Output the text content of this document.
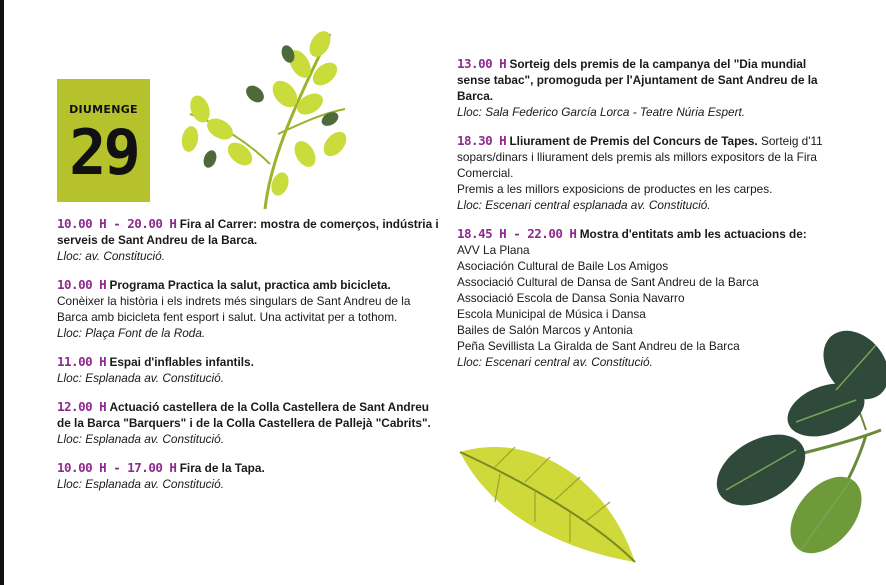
DIUMENGE
29
10.00 H - 20.00 H Fira al Carrer: mostra de comerços, indústria i serveis de Sant Andreu de la Barca.
Lloc: av. Constitució.
10.00 H Programa Practica la salut, practica amb bicicleta.
Conèixer la història i els indrets més singulars de Sant Andreu de la Barca amb bicicleta fent esport i salut. Una activitat per a tothom.
Lloc: Plaça Font de la Roda.
11.00 H Espai d'inflables infantils.
Lloc: Esplanada av. Constitució.
12.00 H Actuació castellera de la Colla Castellera de Sant Andreu de la Barca "Barquers" i de la Colla Castellera de Pallejà "Cabrits".
Lloc: Esplanada av. Constitució.
10.00 H - 17.00 H Fira de la Tapa.
Lloc: Esplanada av. Constitució.
13.00 H Sorteig dels premis de la campanya del "Dia mundial sense tabac", promoguda per l'Ajuntament de Sant Andreu de la Barca.
Lloc: Sala Federico García Lorca - Teatre Núria Espert.
18.30 H Lliurament de Premis del Concurs de Tapes. Sorteig d'11 sopars/dinars i lliurament dels premis als millors expositors de la Fira Comercial.
Premis a les millors exposicions de productes en les carpes.
Lloc: Escenari central esplanada av. Constitució.
18.45 H - 22.00 H Mostra d'entitats amb les actuacions de:
AVV La Plana
Asociación Cultural de Baile Los Amigos
Associació Cultural de Dansa de Sant Andreu de la Barca
Associació Escola de Dansa Sonia Navarro
Escola Municipal de Música i Dansa
Bailes de Salón Marcos y Antonia
Peña Sevillista La Giralda de Sant Andreu de la Barca
Lloc: Escenari central av. Constitució.
